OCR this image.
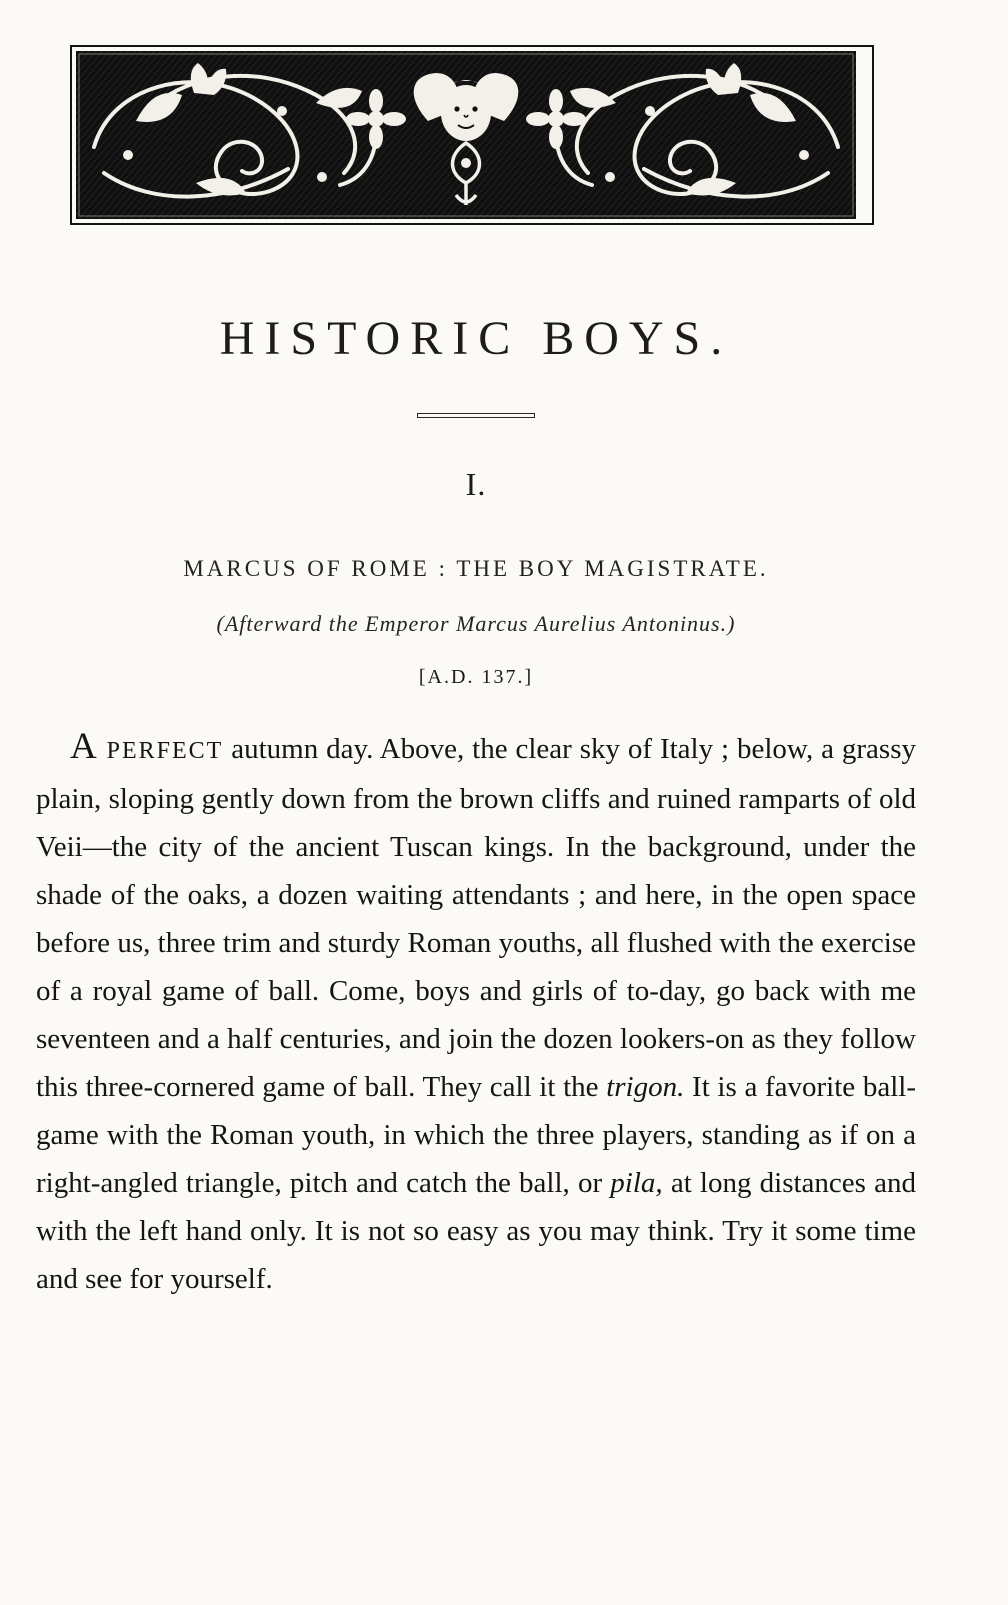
HISTORIC BOYS.
I.
MARCUS OF ROME : THE BOY MAGISTRATE.
(Afterward the Emperor Marcus Aurelius Antoninus.)
[A.D. 137.]

A PERFECT autumn day. Above, the clear sky of Italy ; below, a grassy plain, sloping gently down from the brown cliffs and ruined ramparts of old Veii—the city of the ancient Tuscan kings. In the background, under the shade of the oaks, a dozen waiting attendants ; and here, in the open space before us, three trim and sturdy Roman youths, all flushed with the exercise of a royal game of ball. Come, boys and girls of to-day, go back with me seventeen and a half centuries, and join the dozen lookers-on as they follow this three-cornered game of ball. They call it the trigon. It is a favorite ball-game with the Roman youth, in which the three players, standing as if on a right-angled triangle, pitch and catch the ball, or pila, at long distances and with the left hand only. It is not so easy as you may think. Try it some time and see for yourself.
